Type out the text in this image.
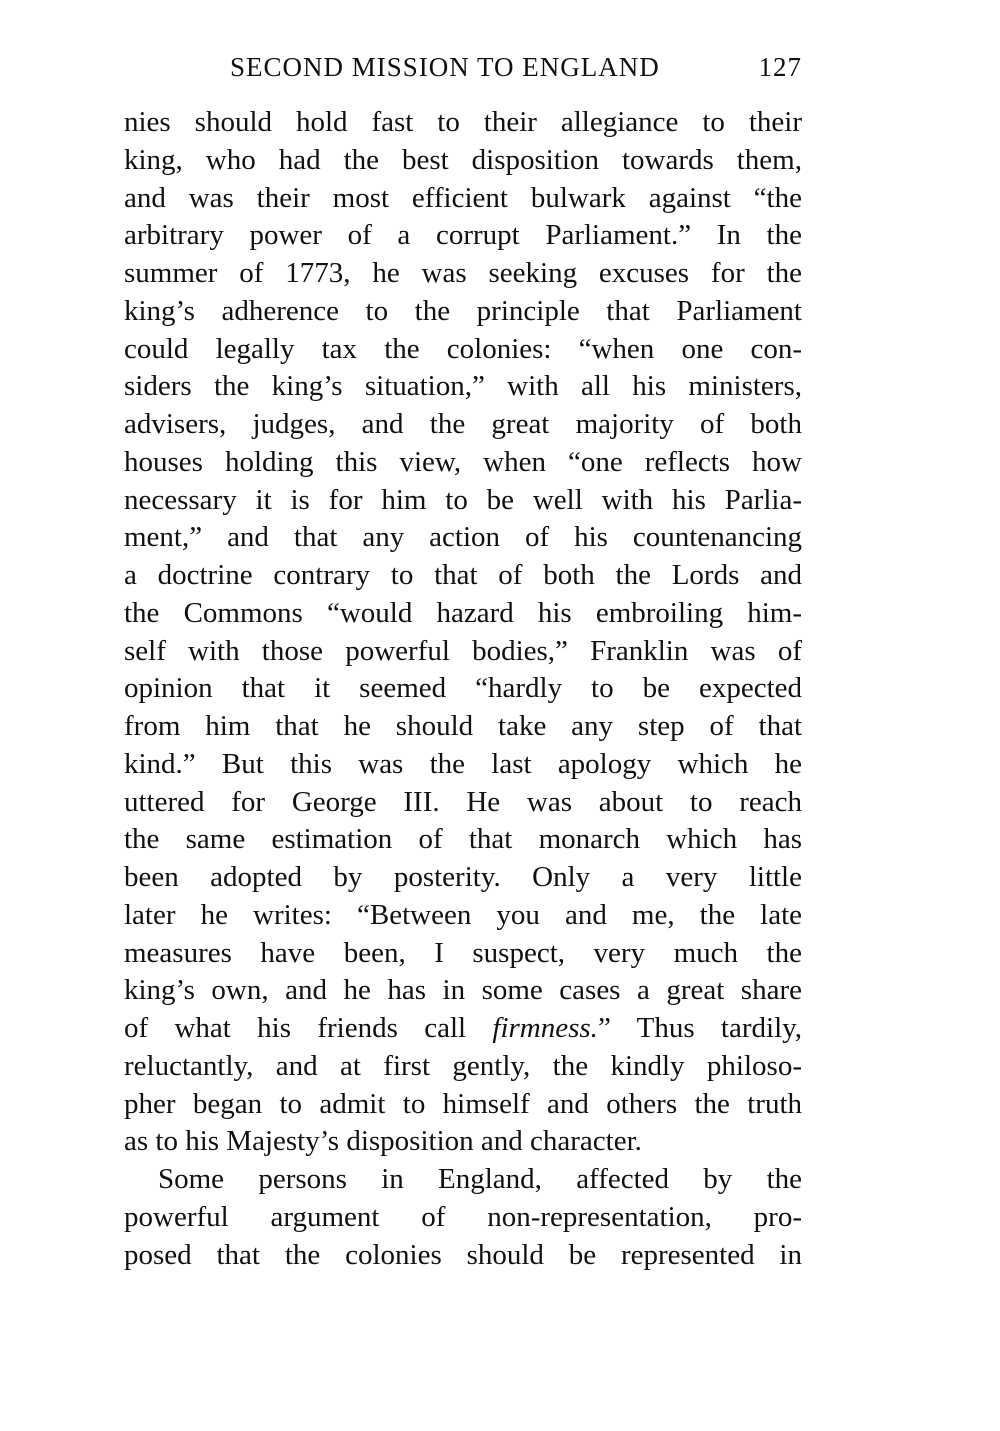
SECOND MISSION TO ENGLAND	127
nies should hold fast to their allegiance to their
king, who had the best disposition towards them,
and was their most efficient bulwark against “the
arbitrary power of a corrupt Parliament.” In the
summer of 1773, he was seeking excuses for the
king’s adherence to the principle that Parliament
could legally tax the colonies: “when one con-
siders the king’s situation,” with all his ministers,
advisers, judges, and the great majority of both
houses holding this view, when “one reflects how
necessary it is for him to be well with his Parlia-
ment,” and that any action of his countenancing
a doctrine contrary to that of both the Lords and
the Commons “would hazard his embroiling him-
self with those powerful bodies,” Franklin was of
opinion that it seemed “hardly to be expected
from him that he should take any step of that
kind.” But this was the last apology which he
uttered for George III. He was about to reach
the same estimation of that monarch which has
been adopted by posterity. Only a very little
later he writes: “Between you and me, the late
measures have been, I suspect, very much the
king’s own, and he has in some cases a great share
of what his friends call firmness.” Thus tardily,
reluctantly, and at first gently, the kindly philoso-
pher began to admit to himself and others the truth
as to his Majesty’s disposition and character.
Some persons in England, affected by the
powerful argument of non-representation, pro-
posed that the colonies should be represented in
